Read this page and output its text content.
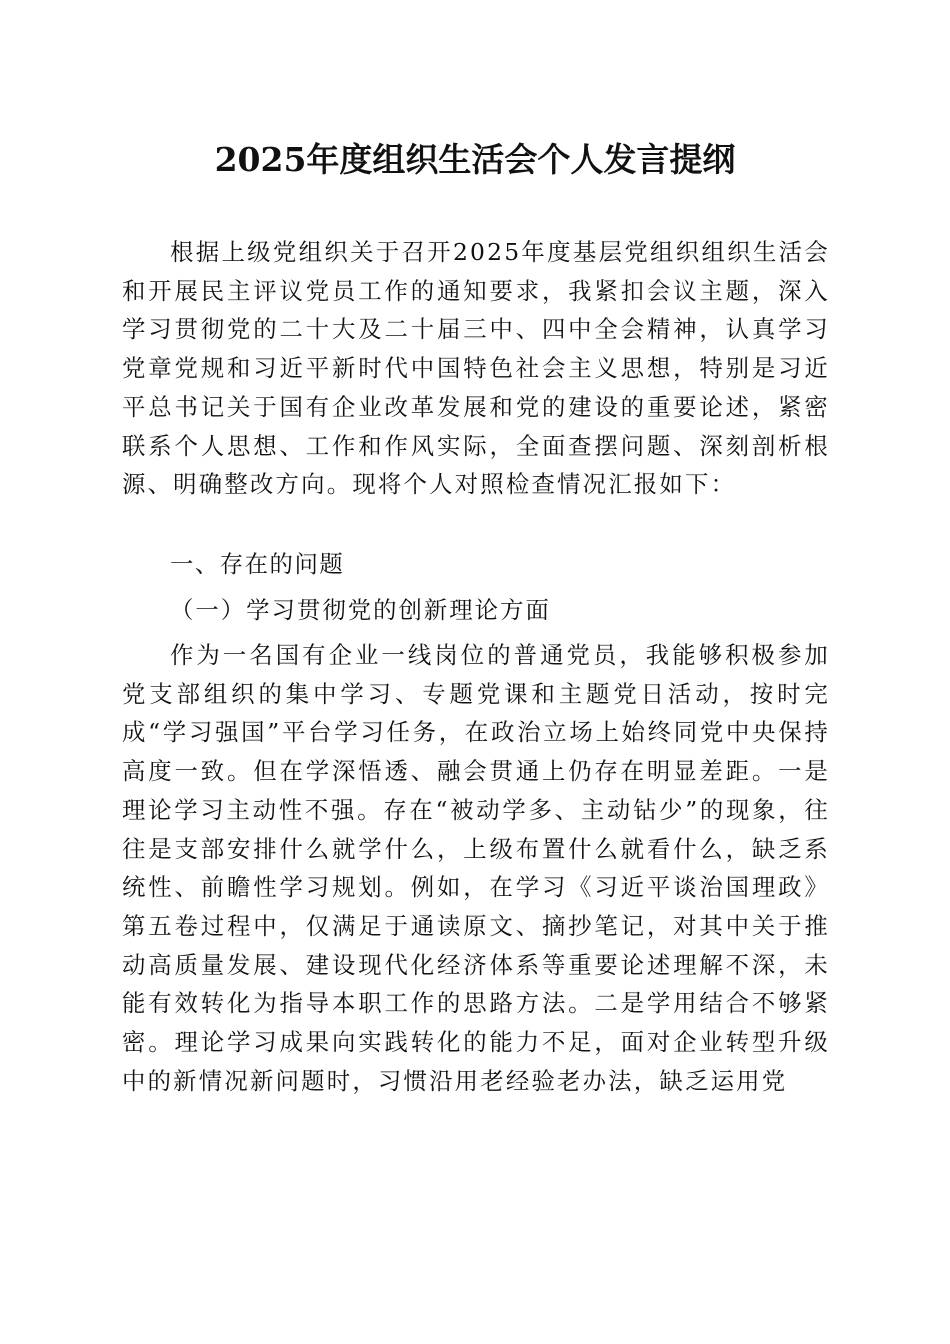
2025年度组织生活会个人发言提纲

根据上级党组织关于召开2025年度基层党组织组织生活会和开展民主评议党员工作的通知要求，我紧扣会议主题，深入学习贯彻党的二十大及二十届三中、四中全会精神，认真学习党章党规和习近平新时代中国特色社会主义思想，特别是习近平总书记关于国有企业改革发展和党的建设的重要论述，紧密联系个人思想、工作和作风实际，全面查摆问题、深刻剖析根源、明确整改方向。现将个人对照检查情况汇报如下：

一、存在的问题

（一）学习贯彻党的创新理论方面

作为一名国有企业一线岗位的普通党员，我能够积极参加党支部组织的集中学习、专题党课和主题党日活动，按时完成“学习强国”平台学习任务，在政治立场上始终同党中央保持高度一致。但在学深悟透、融会贯通上仍存在明显差距。一是理论学习主动性不强。存在“被动学多、主动钻少”的现象，往往是支部安排什么就学什么，上级布置什么就看什么，缺乏系统性、前瞻性学习规划。例如，在学习《习近平谈治国理政》第五卷过程中，仅满足于通读原文、摘抄笔记，对其中关于推动高质量发展、建设现代化经济体系等重要论述理解不深，未能有效转化为指导本职工作的思路方法。二是学用结合不够紧密。理论学习成果向实践转化的能力不足，面对企业转型升级中的新情况新问题时，习惯沿用老经验老办法，缺乏运用党
